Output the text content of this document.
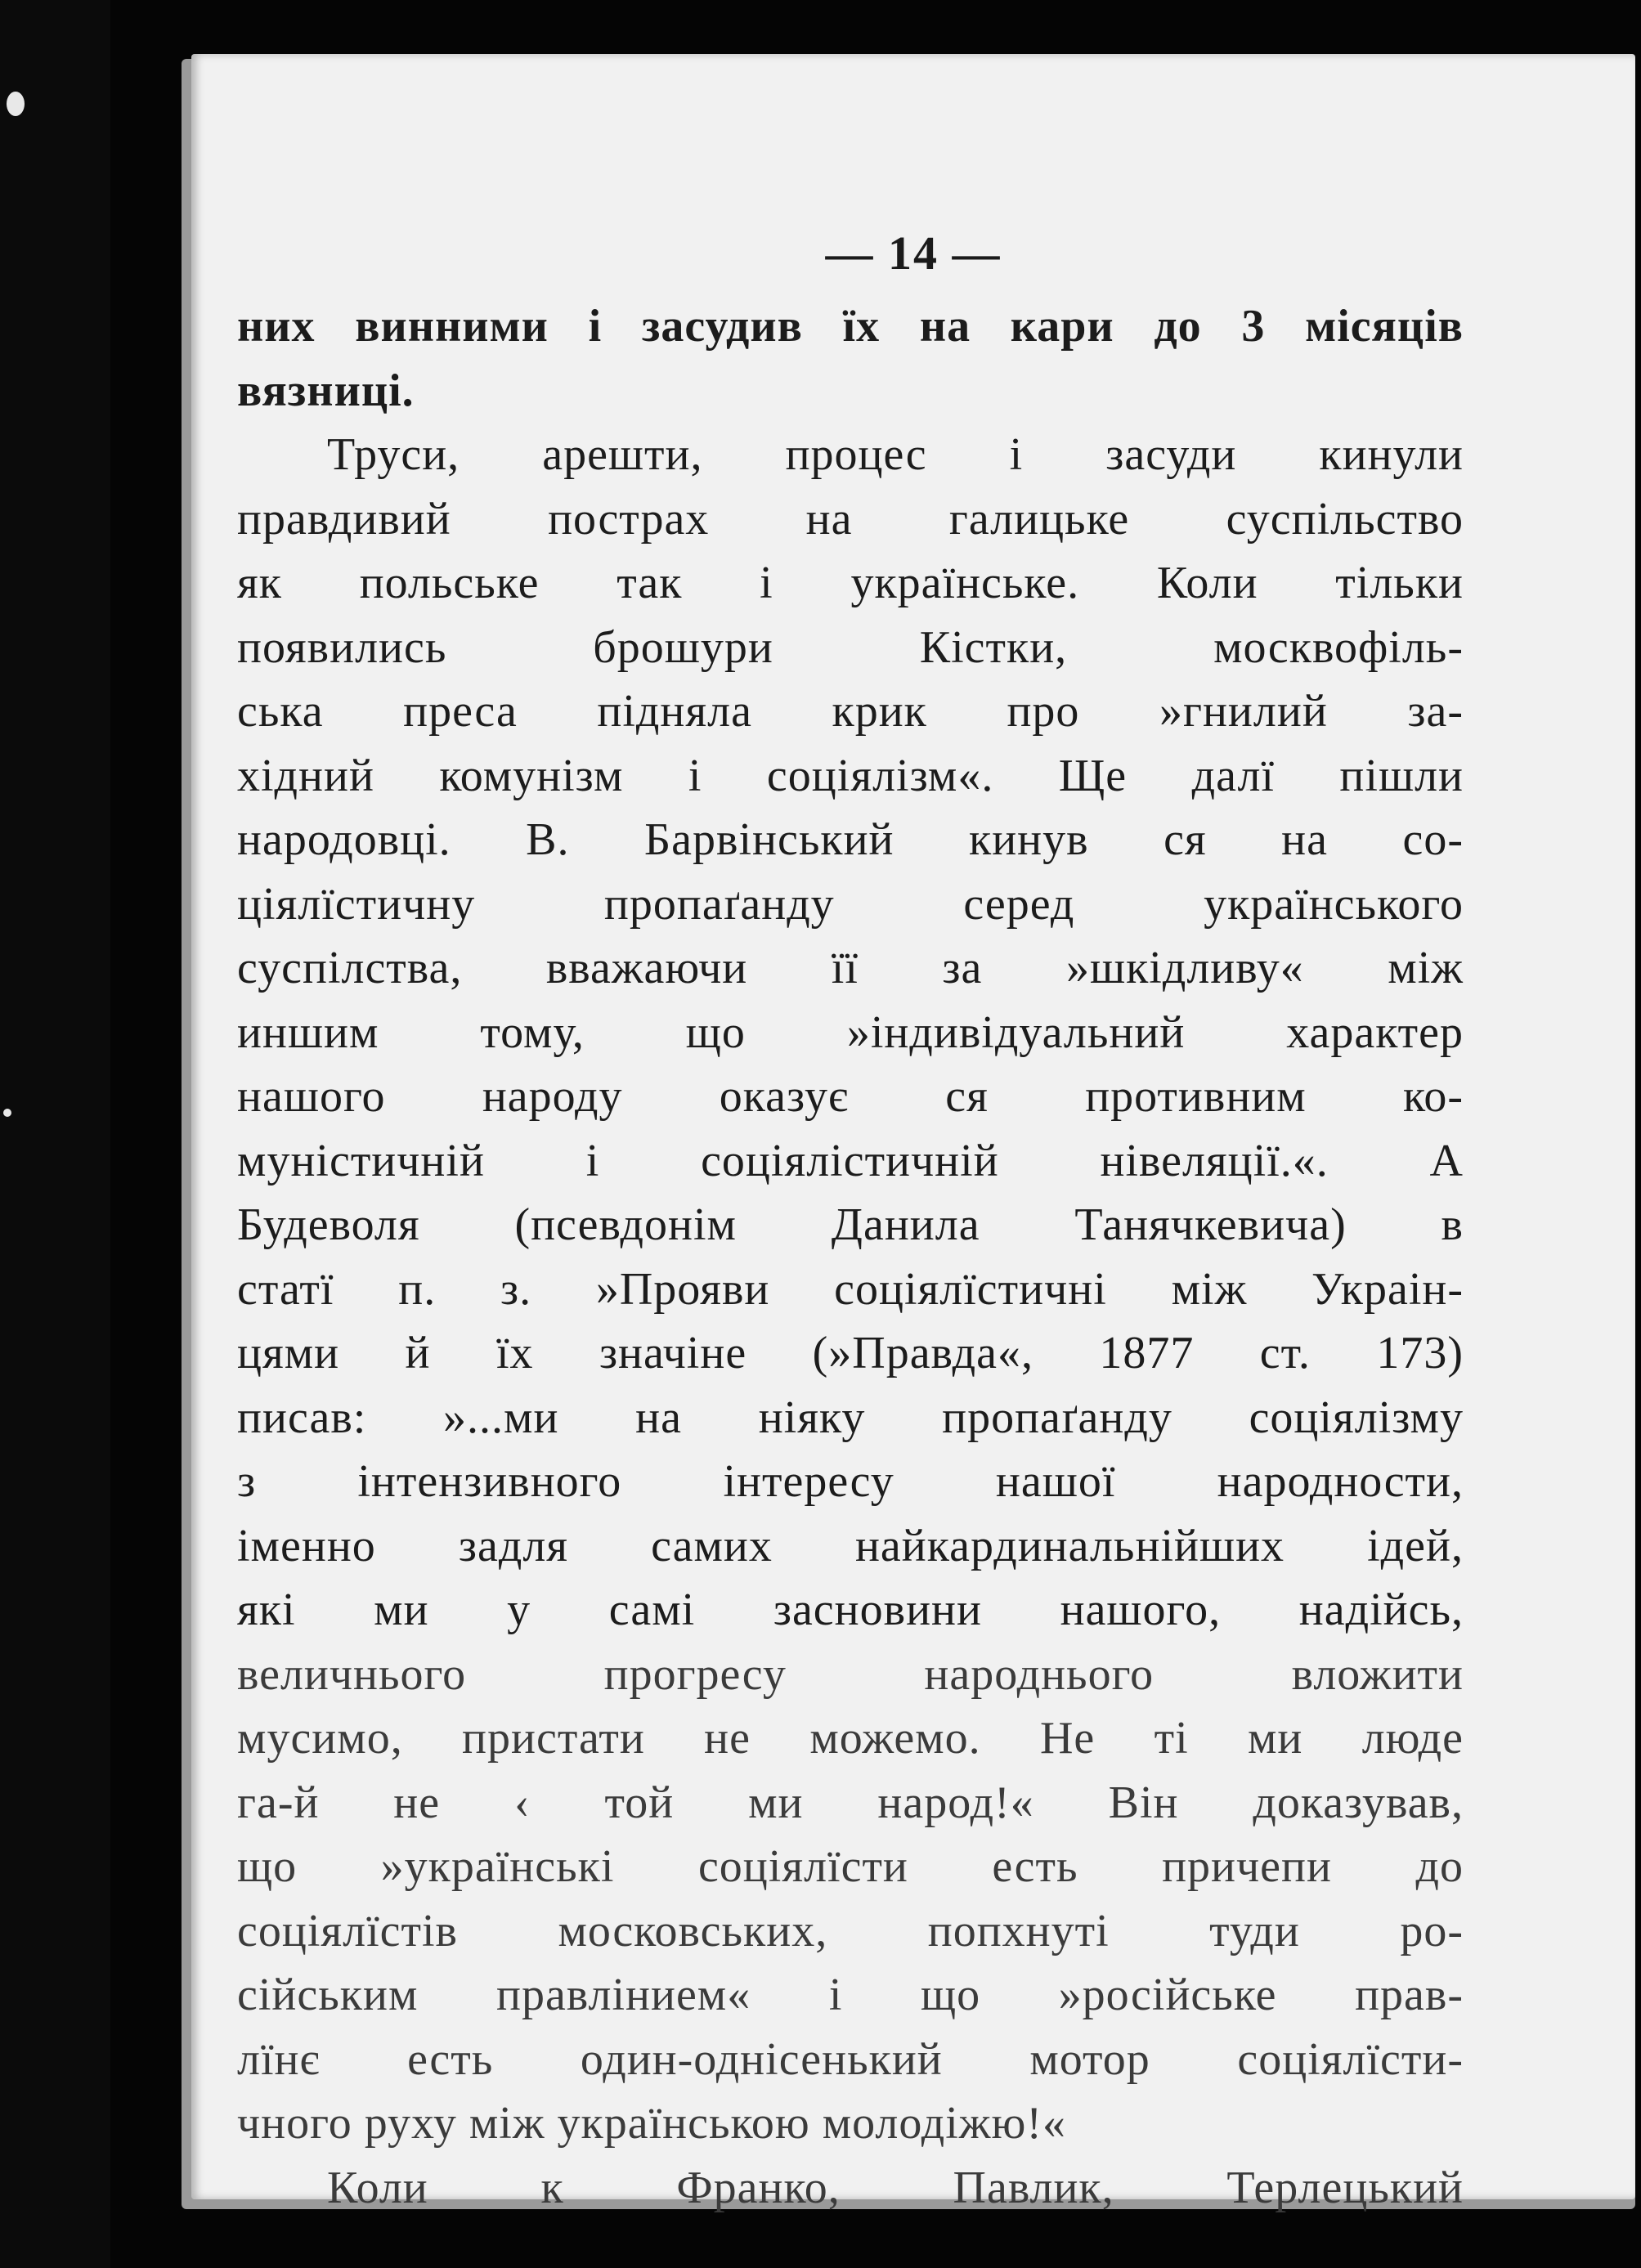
— 14 —
них винними і засудив їх на кари до 3 місяців
вязниці.
Труси, арешти, процес і засуди кинули
правдивий пострах на галицьке суспільство
як польське так і українське. Коли тільки
появились брошури Кістки, москвофіль-
ська преса підняла крик про »гнилий за-
хідний комунізм і соціялізм«. Ще далї пішли
народовці. В. Барвінський кинув ся на со-
ціялїстичну пропаґанду серед українського
суспілства, вважаючи її за »шкідливу« між
иншим тому, що »індивідуальний характер
нашого народу оказує ся противним ко-
муністичній і соціялістичній нівеляції.«. А
Будеволя (псевдонім Данила Танячкевича) в
статї п. з. »Прояви соціялїстичні між Украін-
цями й їх значіне (»Правда«, 1877 ст. 173)
писав: »...ми на ніяку пропаґанду соціялізму
з інтензивного інтересу нашої народности,
іменно задля самих найкардинальнійших ідей,
які ми у самі засновини нашого, надійсь,
величнього прогресу народнього вложити
мусимо, пристати не можемо. Не ті ми люде
га-й не ‹ той ми народ!« Він доказував,
що »українські соціялїсти есть причепи до
соціялїстів московських, попхнуті туди ро-
сійським правлінием« і що »російське прав-
лїнє есть один-однісенький мотор соціялїсти-
чного руху між українською молодіжю!«
Коли к Франко, Павлик, Терлецький
